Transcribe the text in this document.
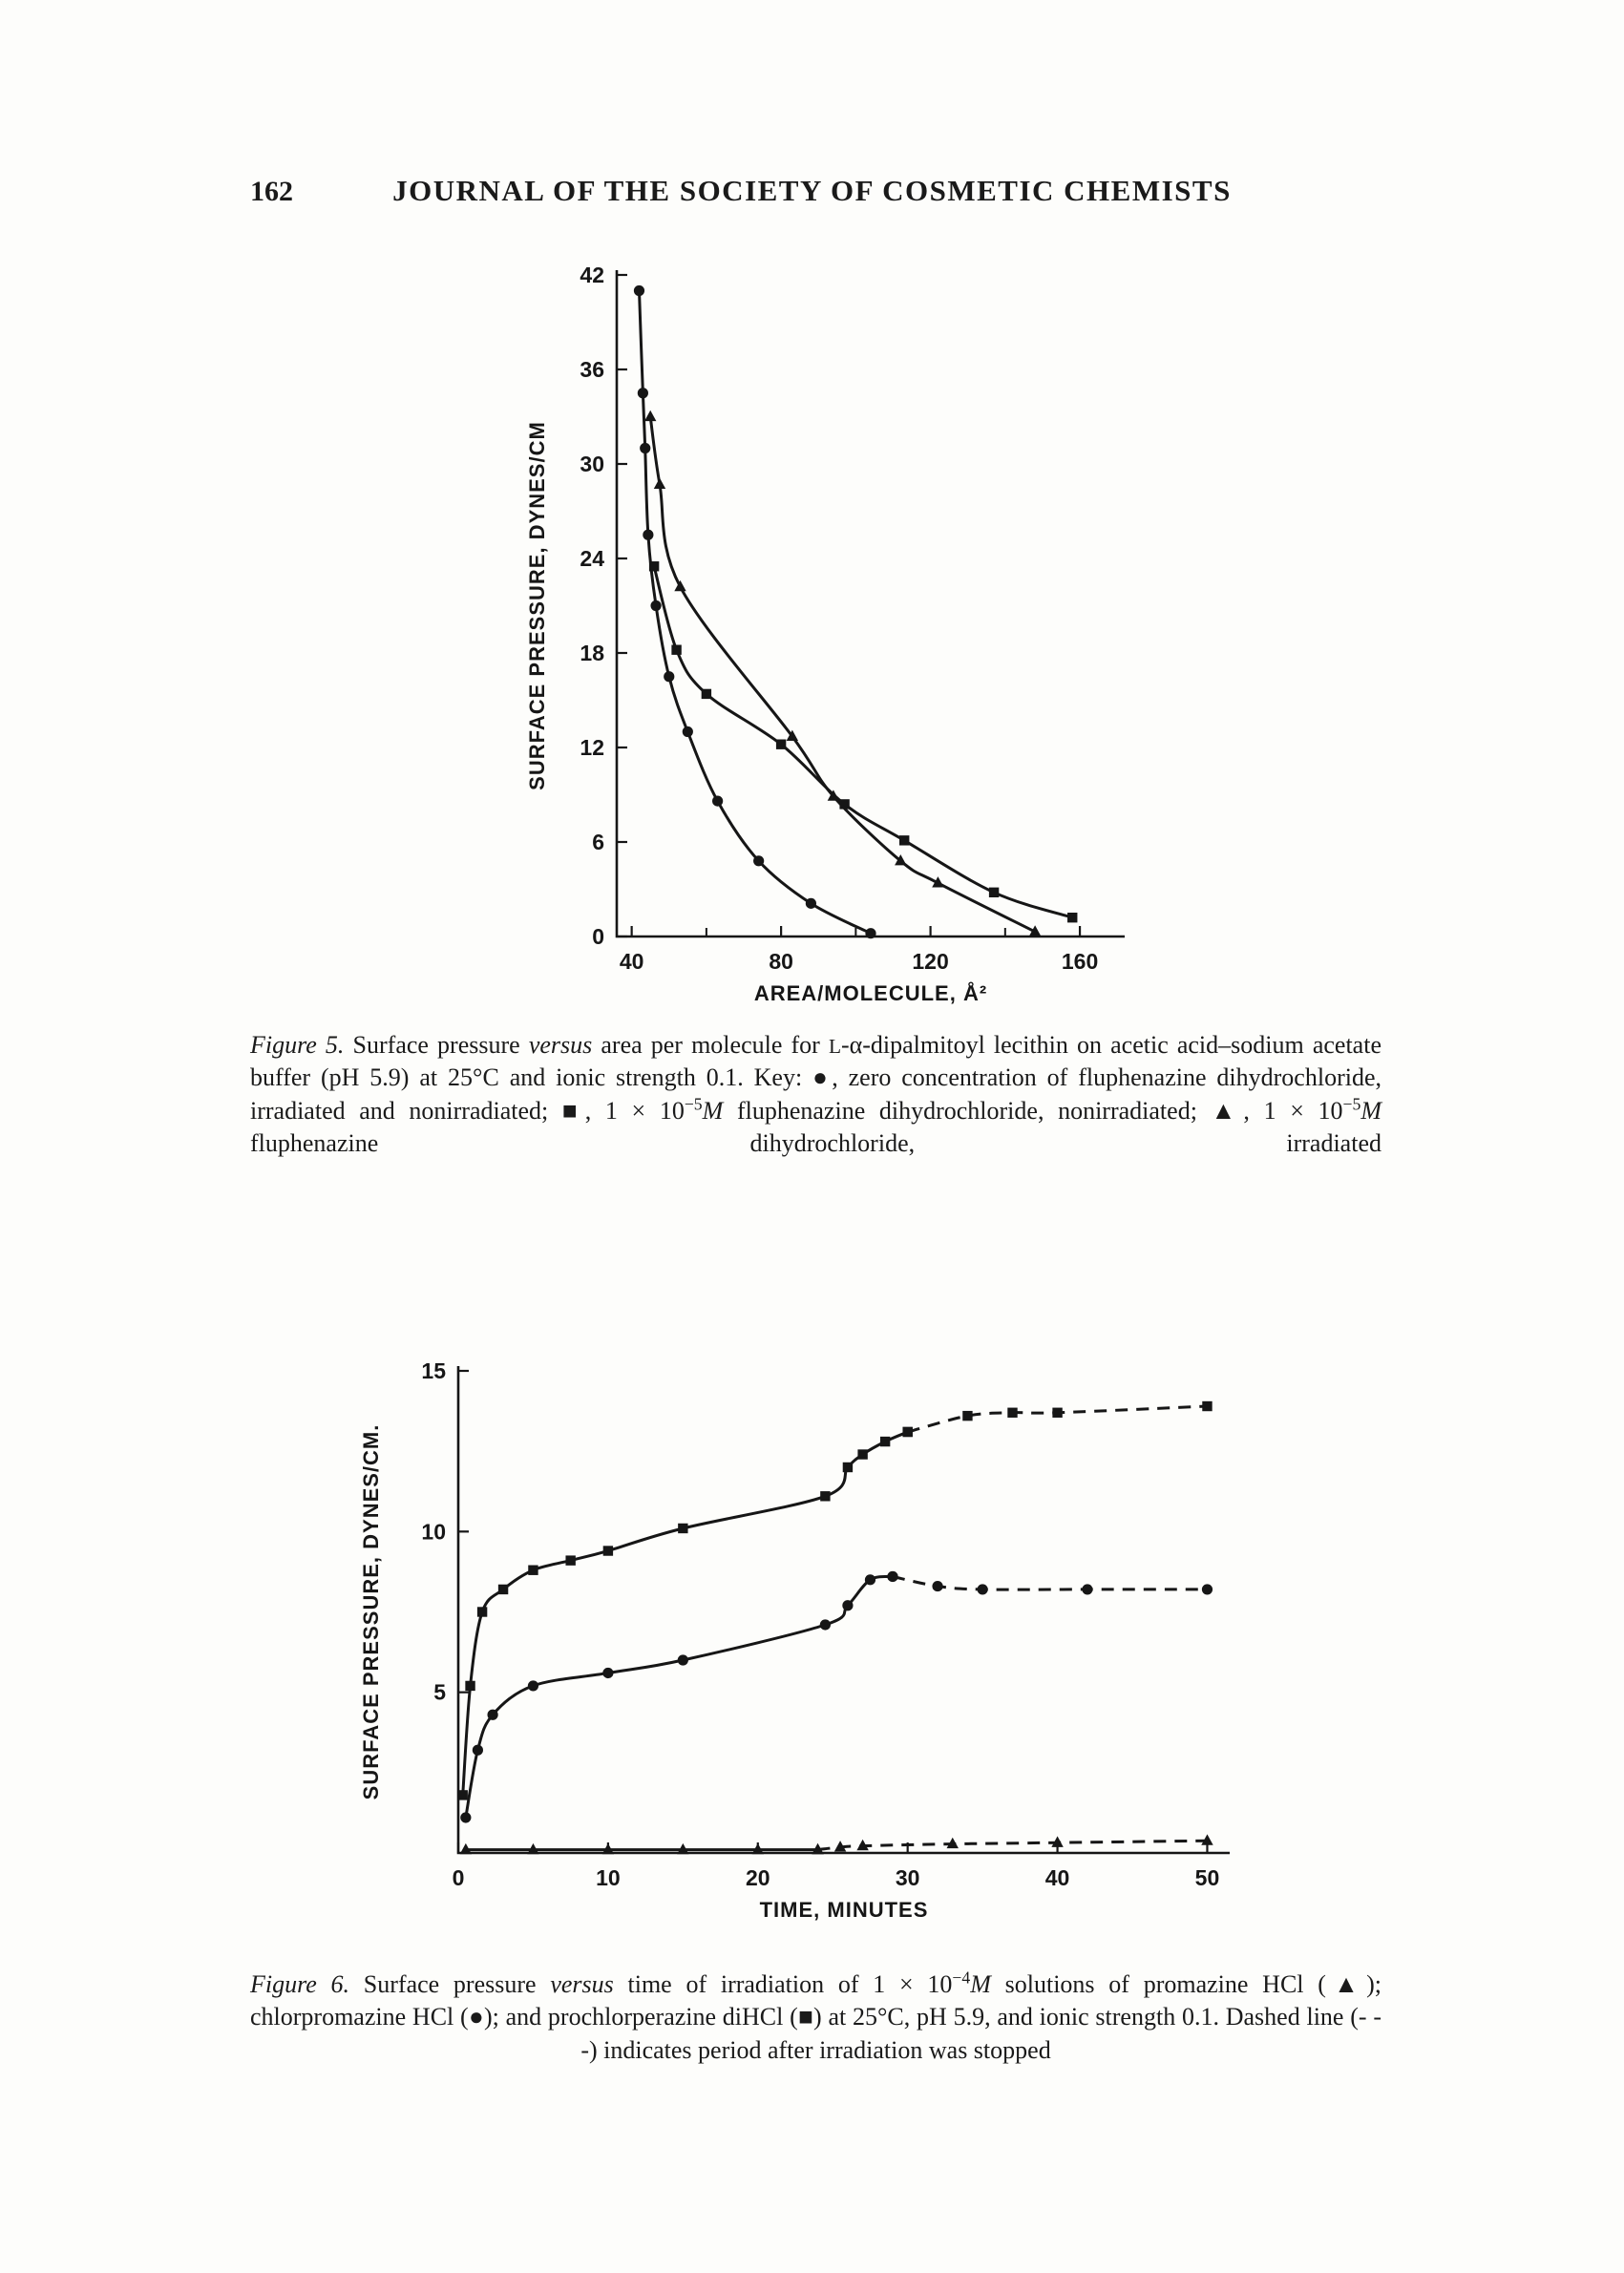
JOURNAL OF THE SOCIETY OF COSMETIC CHEMISTS
162
0
6
12
18
24
30
36
42
40	80	120	160
AREA/MOLECULE, Å²
SURFACE PRESSURE, DYNES/CM
Figure 5. Surface pressure versus area per molecule for L-α-dipalmitoyl lecithin on acetic acid–sodium acetate buffer (pH 5.9) at 25°C and ionic strength 0.1. Key: ●, zero concentration of fluphenazine dihydrochloride, irradiated and nonirradiated; ■, $1 \times 10^{-5}M$ fluphenazine dihydrochloride, nonirradiated; ▲, $1 \times 10^{-5}M$ fluphenazine dihydrochloride, irradiated
5
10
15
0	10	20	30	40	50
TIME, MINUTES
SURFACE PRESSURE, DYNES/CM.
Figure 6. Surface pressure versus time of irradiation of $1 \times 10^{-4}M$ solutions of promazine HCl (▲); chlorpromazine HCl (●); and prochlorperazine diHCl (■) at 25°C, pH 5.9, and ionic strength 0.1. Dashed line (- - -) indicates period after irradiation was stopped
